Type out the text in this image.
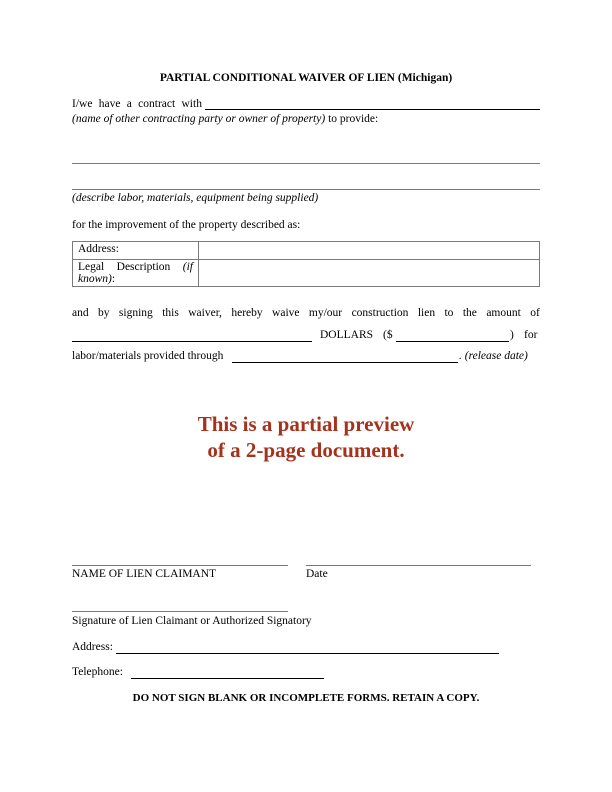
PARTIAL CONDITIONAL WAIVER OF LIEN (Michigan)
I/we have a contract with
(name of other contracting party or owner of property) to provide:
(describe labor, materials, equipment being supplied)
for the improvement of the property described as:
Address:	

Legal Description (if
known):	

and by signing this waiver, hereby waive my/our construction lien to the amount of
DOLLARS ($	) for
labor/materials provided through	. (release date)
This is a partial preview
of a 2-page document.
NAME OF LIEN CLAIMANT	Date
Signature of Lien Claimant or Authorized Signatory
Address:
Telephone:
DO NOT SIGN BLANK OR INCOMPLETE FORMS. RETAIN A COPY.
